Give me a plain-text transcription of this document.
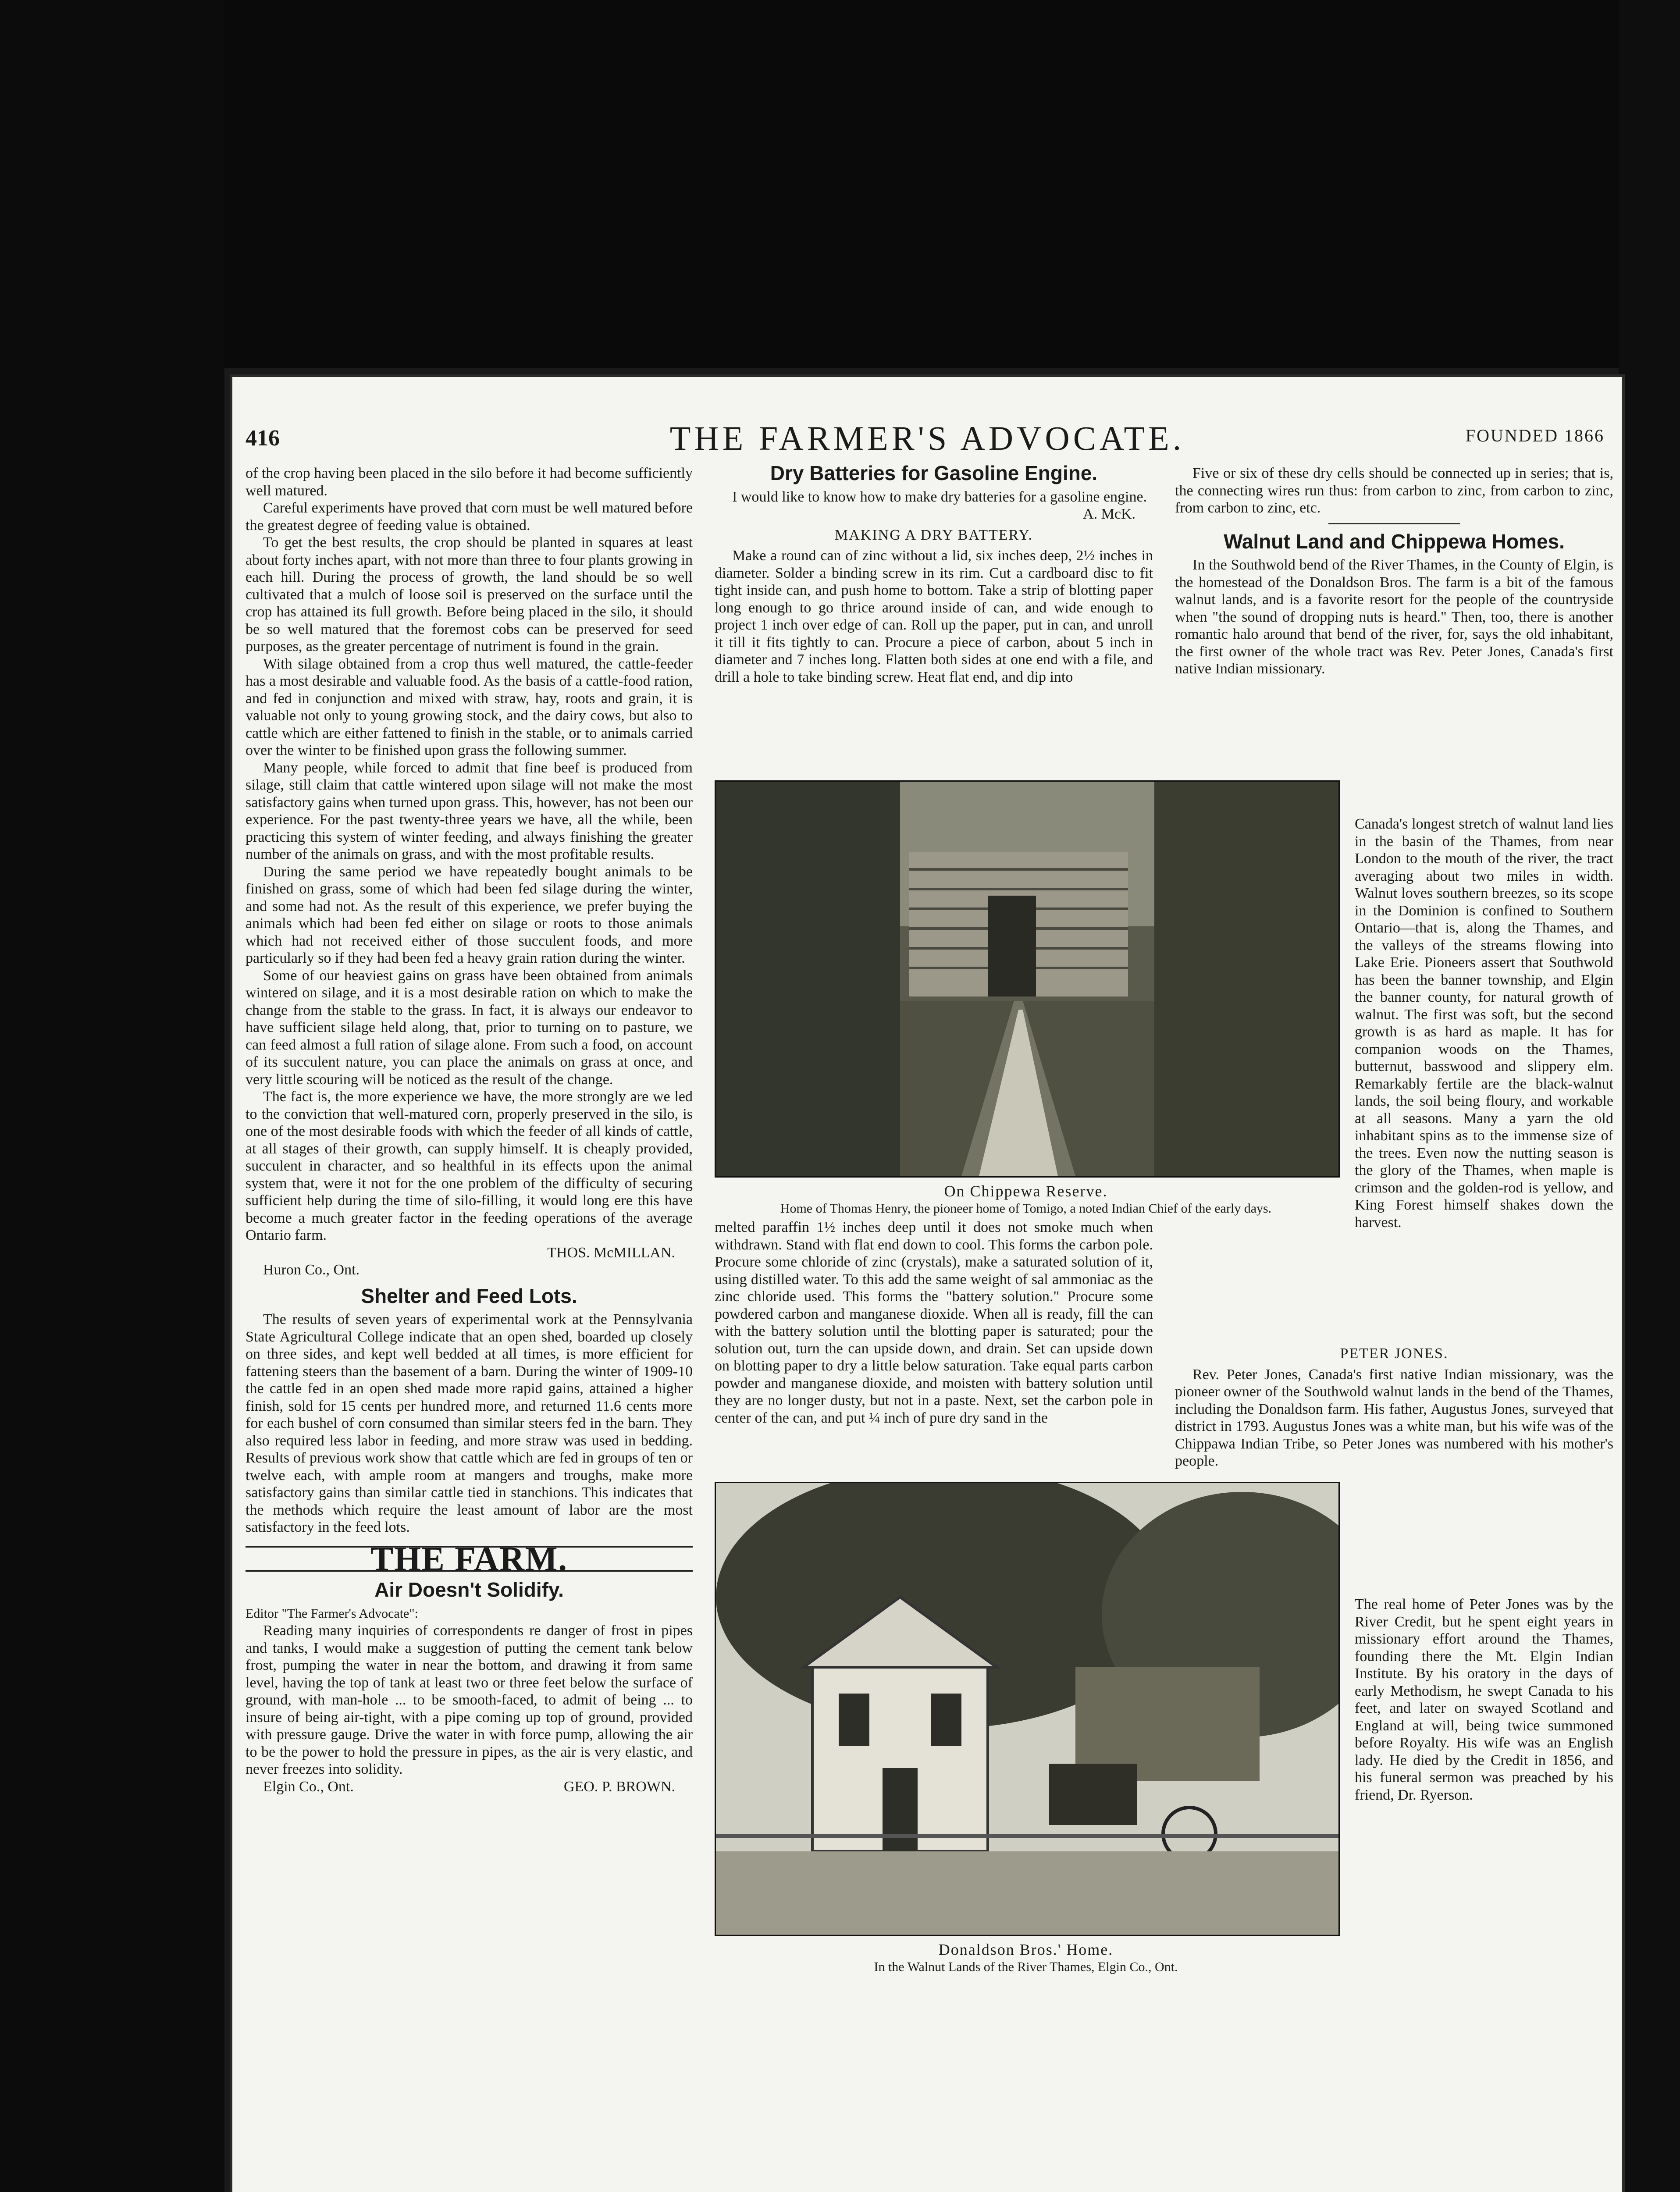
416	THE FARMER'S ADVOCATE.	FOUNDED 1866

of the crop having been placed in the silo before it had become sufficiently well matured.

Careful experiments have proved that corn must be well matured before the greatest degree of feeding value is obtained.

To get the best results, the crop should be planted in squares at least about forty inches apart, with not more than three to four plants growing in each hill. During the process of growth, the land should be so well cultivated that a mulch of loose soil is preserved on the surface until the crop has attained its full growth. Before being placed in the silo, it should be so well matured that the foremost cobs can be preserved for seed purposes, as the greater percentage of nutriment is found in the grain.

With silage obtained from a crop thus well matured, the cattle-feeder has a most desirable and valuable food. As the basis of a cattle-food ration, and fed in conjunction and mixed with straw, hay, roots and grain, it is valuable not only to young growing stock, and the dairy cows, but also to cattle which are either fattened to finish in the stable, or to animals carried over the winter to be finished upon grass the following summer.

Many people, while forced to admit that fine beef is produced from silage, still claim that cattle wintered upon silage will not make the most satisfactory gains when turned upon grass. This, however, has not been our experience. For the past twenty-three years we have, all the while, been practicing this system of winter feeding, and always finishing the greater number of the animals on grass, and with the most profitable results.

During the same period we have repeatedly bought animals to be finished on grass, some of which had been fed silage during the winter, and some had not. As the result of this experience, we prefer buying the animals which had been fed either on silage or roots to those animals which had not received either of those succulent foods, and more particularly so if they had been fed a heavy grain ration during the winter.

Some of our heaviest gains on grass have been obtained from animals wintered on silage, and it is a most desirable ration on which to make the change from the stable to the grass. In fact, it is always our endeavor to have sufficient silage held along, that, prior to turning on to pasture, we can feed almost a full ration of silage alone. From such a food, on account of its succulent nature, you can place the animals on grass at once, and very little scouring will be noticed as the result of the change.

The fact is, the more experience we have, the more strongly are we led to the conviction that well-matured corn, properly preserved in the silo, is one of the most desirable foods with which the feeder of all kinds of cattle, at all stages of their growth, can supply himself. It is cheaply provided, succulent in character, and so healthful in its effects upon the animal system that, were it not for the one problem of the difficulty of securing sufficient help during the time of silo-filling, it would long ere this have become a much greater factor in the feeding operations of the average Ontario farm.

THOS. McMILLAN.
Huron Co., Ont.
Shelter and Feed Lots.

The results of seven years of experimental work at the Pennsylvania State Agricultural College indicate that an open shed, boarded up closely on three sides, and kept well bedded at all times, is more efficient for fattening steers than the basement of a barn. During the winter of 1909-10 the cattle fed in an open shed made more rapid gains, attained a higher finish, sold for 15 cents per hundred more, and returned 11.6 cents more for each bushel of corn consumed than similar steers fed in the barn. They also required less labor in feeding, and more straw was used in bedding. Results of previous work show that cattle which are fed in groups of ten or twelve each, with ample room at mangers and troughs, make more satisfactory gains than similar cattle tied in stanchions. This indicates that the methods which require the least amount of labor are the most satisfactory in the feed lots.

THE FARM.
Air Doesn't Solidify.
Editor "The Farmer's Advocate":

Reading many inquiries of correspondents re danger of frost in pipes and tanks, I would make a suggestion of putting the cement tank below frost, pumping the water in near the bottom, and drawing it from same level, having the top of tank at least two or three feet below the surface of ground, with man-hole ... to be smooth-faced, to admit of being ... to insure of being air-tight, with a pipe coming up top of ground, provided with pressure gauge. Drive the water in with force pump, allowing the air to be the power to hold the pressure in pipes, as the air is very elastic, and never freezes into solidity.

Elgin Co., Ont.	GEO. P. BROWN.
Dry Batteries for Gasoline Engine.

I would like to know how to make dry batteries for a gasoline engine.

A. McK.
MAKING A DRY BATTERY.

Make a round can of zinc without a lid, six inches deep, 2½ inches in diameter. Solder a binding screw in its rim. Cut a cardboard disc to fit tight inside can, and push home to bottom. Take a strip of blotting paper long enough to go thrice around inside of can, and wide enough to project 1 inch over edge of can. Roll up the paper, put in can, and unroll it till it fits tightly to can. Procure a piece of carbon, about 5 inch in diameter and 7 inches long. Flatten both sides at one end with a file, and drill a hole to take binding screw. Heat flat end, and dip into

Five or six of these dry cells should be connected up in series; that is, the connecting wires run thus: from carbon to zinc, from carbon to zinc, from carbon to zinc, etc.

Walnut Land and Chippewa Homes.

In the Southwold bend of the River Thames, in the County of Elgin, is the homestead of the Donaldson Bros. The farm is a bit of the famous walnut lands, and is a favorite resort for the people of the countryside when "the sound of dropping nuts is heard." Then, too, there is another romantic halo around that bend of the river, for, says the old inhabitant, the first owner of the whole tract was Rev. Peter Jones, Canada's first native Indian missionary.

On Chippewa Reserve.
Home of Thomas Henry, the pioneer home of Tomigo, a noted Indian Chief of the early days.
Canada's longest stretch of walnut land lies in the basin of the Thames, from near London to the mouth of the river, the tract averaging about two miles in width. Walnut loves southern breezes, so its scope in the Dominion is confined to Southern Ontario—that is, along the Thames, and the valleys of the streams flowing into Lake Erie. Pioneers assert that Southwold has been the banner township, and Elgin the banner county, for natural growth of walnut. The first was soft, but the second growth is as hard as maple. It has for companion woods on the Thames, butternut, basswood and slippery elm. Remarkably fertile are the black-walnut lands, the soil being floury, and workable at all seasons. Many a yarn the old inhabitant spins as to the immense size of the trees. Even now the nutting season is the glory of the Thames, when maple is crimson and the golden-rod is yellow, and King Forest himself shakes down the harvest.
melted paraffin 1½ inches deep until it does not smoke much when withdrawn. Stand with flat end down to cool. This forms the carbon pole. Procure some chloride of zinc (crystals), make a saturated solution of it, using distilled water. To this add the same weight of sal ammoniac as the zinc chloride used. This forms the "battery solution." Procure some powdered carbon and manganese dioxide. When all is ready, fill the can with the battery solution until the blotting paper is saturated; pour the solution out, turn the can upside down, and drain. Set can upside down on blotting paper to dry a little below saturation. Take equal parts carbon powder and manganese dioxide, and moisten with battery solution until they are no longer dusty, but not in a paste. Next, set the carbon pole in center of the can, and put ¼ inch of pure dry sand in the
PETER JONES.

Rev. Peter Jones, Canada's first native Indian missionary, was the pioneer owner of the Southwold walnut lands in the bend of the Thames, including the Donaldson farm. His father, Augustus Jones, surveyed that district in 1793. Augustus Jones was a white man, but his wife was of the Chippawa Indian Tribe, so Peter Jones was numbered with his mother's people.

Donaldson Bros.' Home.
In the Walnut Lands of the River Thames, Elgin Co., Ont.
The real home of Peter Jones was by the River Credit, but he spent eight years in missionary effort around the Thames, founding there the Mt. Elgin Indian Institute. By his oratory in the days of early Methodism, he swept Canada to his feet, and later on swayed Scotland and England at will, being twice summoned before Royalty. His wife was an English lady. He died by the Credit in 1856, and his funeral sermon was preached by his friend, Dr. Ryerson.
